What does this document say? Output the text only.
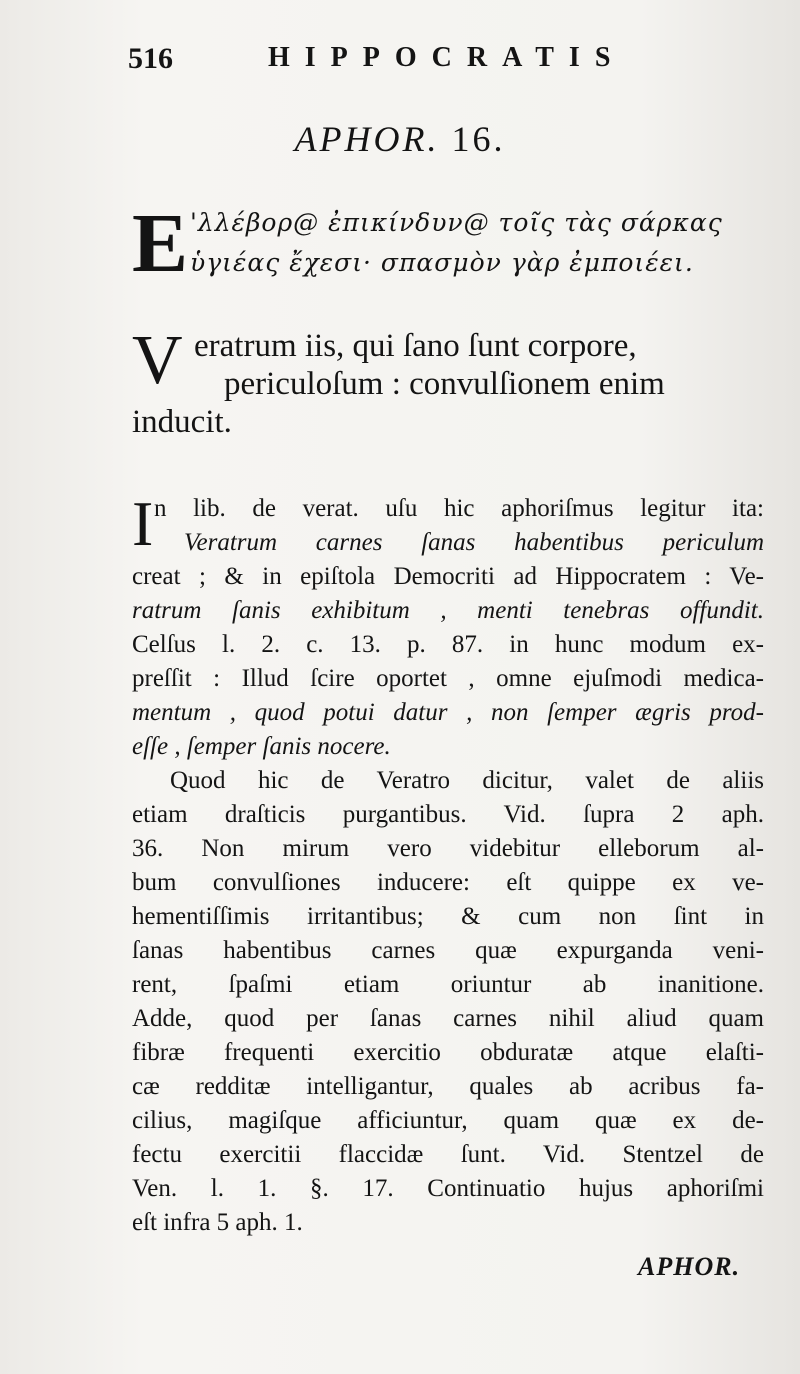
516	HIPPOCRATIS
APHOR. 16.
E 'λλέβορ@ ἐπικίνδυν@ τοῖς τὰς σάρκας
ὑγιέας ἔχεσι· σπασμὸν γὰρ ἐμποιέει.
V eratrum iis, qui ſano ſunt corpore,
periculoſum : convulſionem enim
inducit.
I n lib. de verat. uſu hic aphoriſmus legitur ita:
Veratrum carnes ſanas habentibus periculum
creat ; & in epiſtola Democriti ad Hippocratem : Ve-
ratrum ſanis exhibitum , menti tenebras offundit.
Celſus l. 2. c. 13. p. 87. in hunc modum ex-
preſſit : Illud ſcire oportet , omne ejuſmodi medica-
mentum , quod potui datur , non ſemper ægris prod-
eſſe , ſemper ſanis nocere.
Quod hic de Veratro dicitur, valet de aliis
etiam draſticis purgantibus. Vid. ſupra 2 aph.
36. Non mirum vero videbitur elleborum al-
bum convulſiones inducere: eſt quippe ex ve-
hementiſſimis irritantibus; & cum non ſint in
ſanas habentibus carnes quæ expurganda veni-
rent, ſpaſmi etiam oriuntur ab inanitione.
Adde, quod per ſanas carnes nihil aliud quam
fibræ frequenti exercitio obduratæ atque elaſti-
cæ redditæ intelligantur, quales ab acribus fa-
cilius, magiſque afficiuntur, quam quæ ex de-
fectu exercitii flaccidæ ſunt. Vid. Stentzel de
Ven. l. 1. §. 17. Continuatio hujus aphoriſmi
eſt infra 5 aph. 1.
APHOR.
